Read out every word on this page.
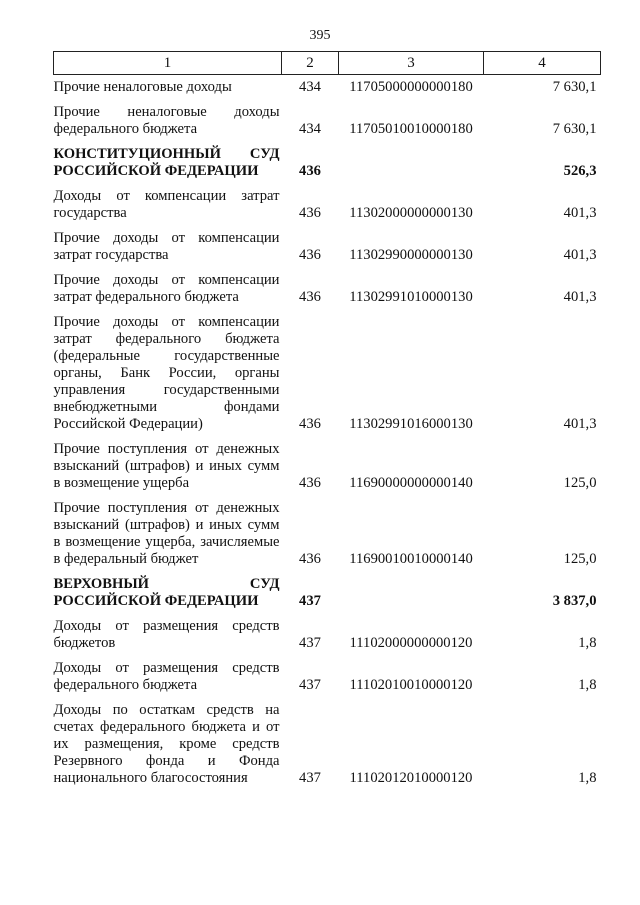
395
1	2	3	4
Прочие неналоговые доходы	434	11705000000000180	7 630,1
Прочие неналоговые доходы федерального бюджета	434	11705010010000180	7 630,1
КОНСТИТУЦИОННЫЙ СУД РОССИЙСКОЙ ФЕДЕРАЦИИ	436		526,3
Доходы от компенсации затрат государства	436	11302000000000130	401,3
Прочие доходы от компенсации затрат государства	436	11302990000000130	401,3
Прочие доходы от компенсации затрат федерального бюджета	436	11302991010000130	401,3
Прочие доходы от компенсации затрат федерального бюджета (федеральные государственные органы, Банк России, органы управления государственными внебюджетными фондами Российской Федерации)	436	11302991016000130	401,3
Прочие поступления от денежных взысканий (штрафов) и иных сумм в возмещение ущерба	436	11690000000000140	125,0
Прочие поступления от денежных взысканий (штрафов) и иных сумм в возмещение ущерба, зачисляемые в федеральный бюджет	436	11690010010000140	125,0
ВЕРХОВНЫЙ СУД РОССИЙСКОЙ ФЕДЕРАЦИИ	437		3 837,0
Доходы от размещения средств бюджетов	437	11102000000000120	1,8
Доходы от размещения средств федерального бюджета	437	11102010010000120	1,8
Доходы по остаткам средств на счетах федерального бюджета и от их размещения, кроме средств Резервного фонда и Фонда национального благосостояния	437	11102012010000120	1,8
